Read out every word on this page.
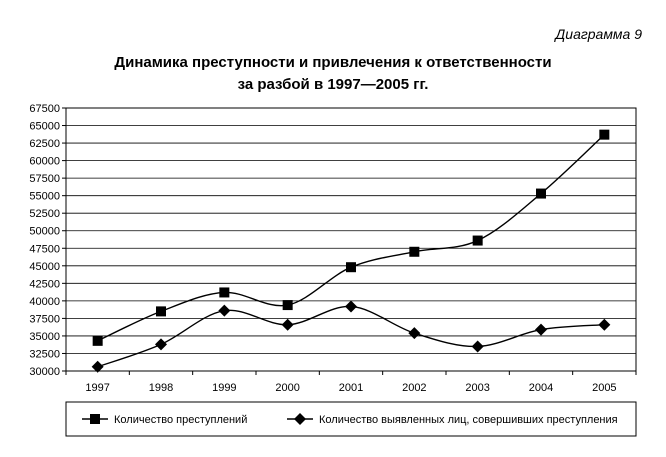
Диаграмма 9
Динамика преступности и привлечения к ответственности
за разбой в 1997—2005 гг.
30000
32500
35000
37500
40000
42500
45000
47500
50000
52500
55000
57500
60000
62500
65000
67500
1997	1998	1999	2000	2001	2002	2003	2004	2005
Количество преступлений	Количество выявленных лиц, совершивших преступления
